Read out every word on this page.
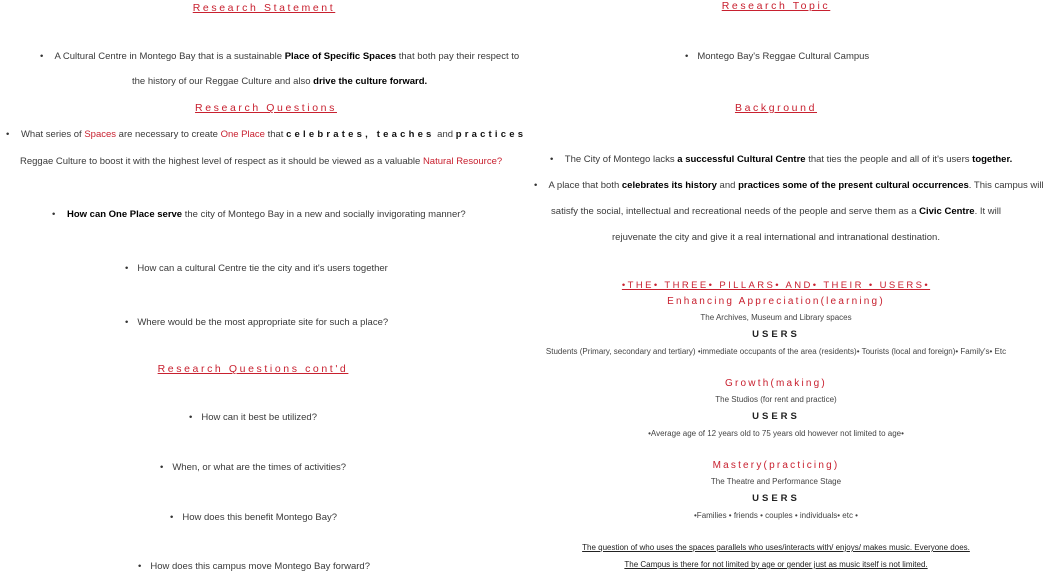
Research Statement
• A Cultural Centre in Montego Bay that is a sustainable Place of Specific Spaces that both pay their respect to
the history of our Reggae Culture and also drive the culture forward.
Research Questions
• What series of Spaces are necessary to create One Place that celebrates, teaches and practices
Reggae Culture to boost it with the highest level of respect as it should be viewed as a valuable Natural Resource?
• How can One Place serve the city of Montego Bay in a new and socially invigorating manner?
• How can a cultural Centre tie the city and it's users together
• Where would be the most appropriate site for such a place?
Research Questions cont'd
• How can it best be utilized?
• When, or what are the times of activities?
• How does this benefit Montego Bay?
• How does this campus move Montego Bay forward?
Research Topic
• Montego Bay's Reggae Cultural Campus
Background
• The City of Montego lacks a successful Cultural Centre that ties the people and all of it's users together.
• A place that both celebrates its history and practices some of the present cultural occurrences. This campus will
satisfy the social, intellectual and recreational needs of the people and serve them as a Civic Centre. It will
rejuvenate the city and give it a real international and intranational destination.
•THE• THREE• PILLARS• AND• THEIR • USERS•
Enhancing Appreciation(learning)
The Archives, Museum and Library spaces
USERS
Students (Primary, secondary and tertiary) •immediate occupants of the area (residents)• Tourists (local and foreign)• Family's• Etc
Growth(making)
The Studios (for rent and practice)
USERS
•Average age of 12 years old to 75 years old however not limited to age•
Mastery(practicing)
The Theatre and Performance Stage
USERS
•Families • friends • couples • individuals• etc •
The question of who uses the spaces parallels who uses/interacts with/ enjoys/ makes music. Everyone does.
The Campus is there for not limited by age or gender just as music itself is not limited.
